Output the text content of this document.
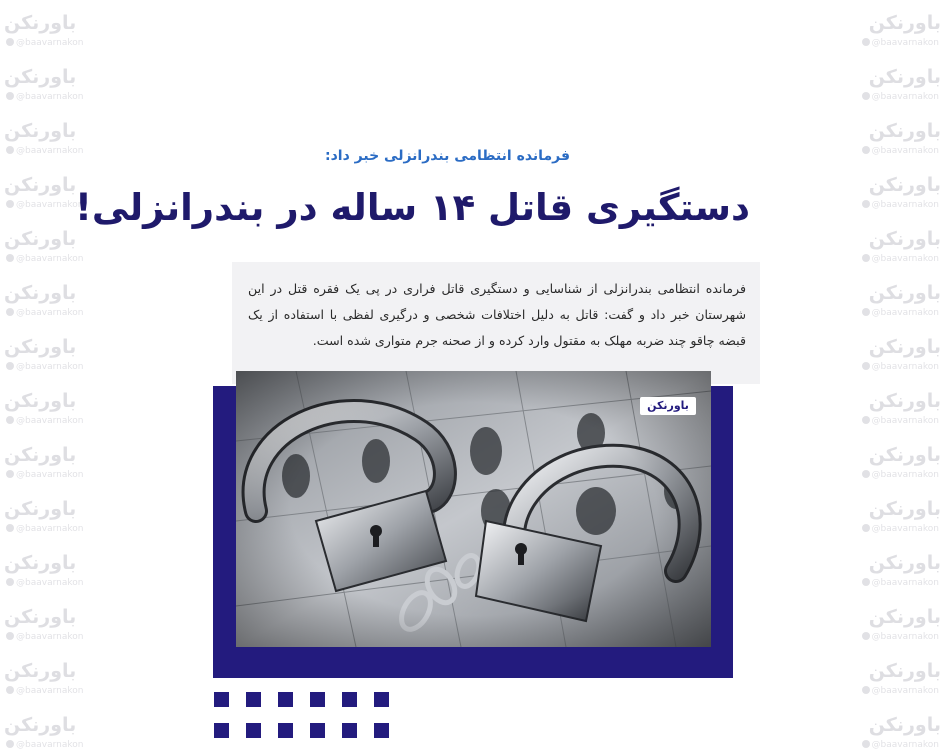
باورنکن
@baavarnakon
باورنکن
@baavarnakon
باورنکن
@baavarnakon
باورنکن
@baavarnakon
باورنکن
@baavarnakon
باورنکن
@baavarnakon
باورنکن
@baavarnakon
باورنکن
@baavarnakon
باورنکن
@baavarnakon
باورنکن
@baavarnakon
باورنکن
@baavarnakon
باورنکن
@baavarnakon
باورنکن
@baavarnakon
باورنکن
@baavarnakon
باورنکن
@baavarnakon
باورنکن
@baavarnakon
باورنکن
@baavarnakon
باورنکن
@baavarnakon
باورنکن
@baavarnakon
باورنکن
@baavarnakon
باورنکن
@baavarnakon
باورنکن
@baavarnakon
باورنکن
@baavarnakon
باورنکن
@baavarnakon
باورنکن
@baavarnakon
باورنکن
@baavarnakon
باورنکن
@baavarnakon
باورنکن
@baavarnakon
فرمانده انتظامی بندرانزلی خبر داد:
دستگیری قاتل ۱۴ ساله در بندرانزلی!
فرمانده انتظامی بندرانزلی از شناسایی و دستگیری قاتل فراری در پی یک فقره قتل در این شهرستان خبر داد و گفت: قاتل به دلیل اختلافات شخصی و درگیری لفظی با استفاده از یک قبضه چاقو چند ضربه مهلک به مقتول وارد کرده و از صحنه جرم متواری شده است.
باورنکن
